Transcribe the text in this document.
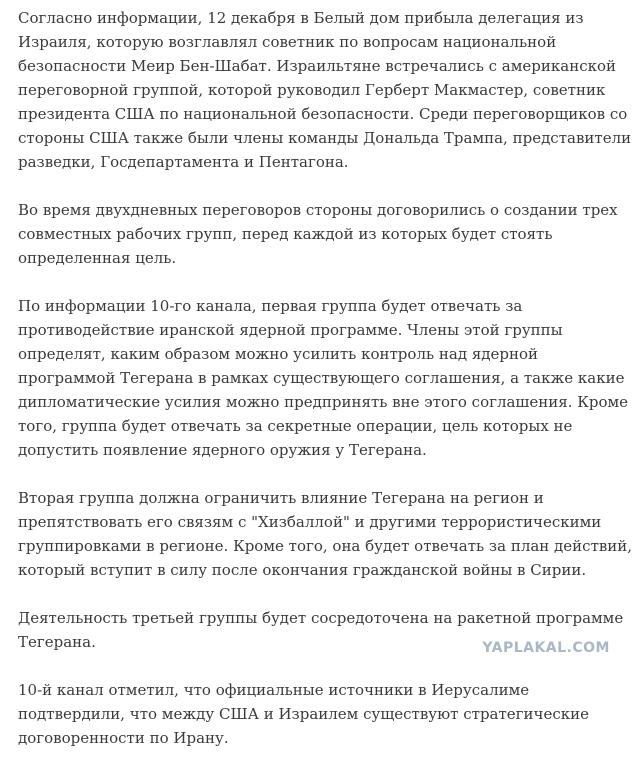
Согласно информации, 12 декабря в Белый дом прибыла делегация из Израиля, которую возглавлял советник по вопросам национальной безопасности Меир Бен-Шабат. Израильтяне встречались с американской переговорной группой, которой руководил Герберт Макмастер, советник президента США по национальной безопасности. Среди переговорщиков со стороны США также были члены команды Дональда Трампа, представители разведки, Госдепартамента и Пентагона.

Во время двухдневных переговоров стороны договорились о создании трех совместных рабочих групп, перед каждой из которых будет стоять определенная цель.

По информации 10-го канала, первая группа будет отвечать за противодействие иранской ядерной программе. Члены этой группы определят, каким образом можно усилить контроль над ядерной программой Тегерана в рамках существующего соглашения, а также какие дипломатические усилия можно предпринять вне этого соглашения. Кроме того, группа будет отвечать за секретные операции, цель которых не допустить появление ядерного оружия у Тегерана.

Вторая группа должна ограничить влияние Тегерана на регион и препятствовать его связям с "Хизбаллой" и другими террористическими группировками в регионе. Кроме того, она будет отвечать за план действий, который вступит в силу после окончания гражданской войны в Сирии.

Деятельность третьей группы будет сосредоточена на ракетной программе Тегерана.

10-й канал отметил, что официальные источники в Иерусалиме подтвердили, что между США и Израилем существуют стратегические договоренности по Ирану.

YAPLAKAL.COM
